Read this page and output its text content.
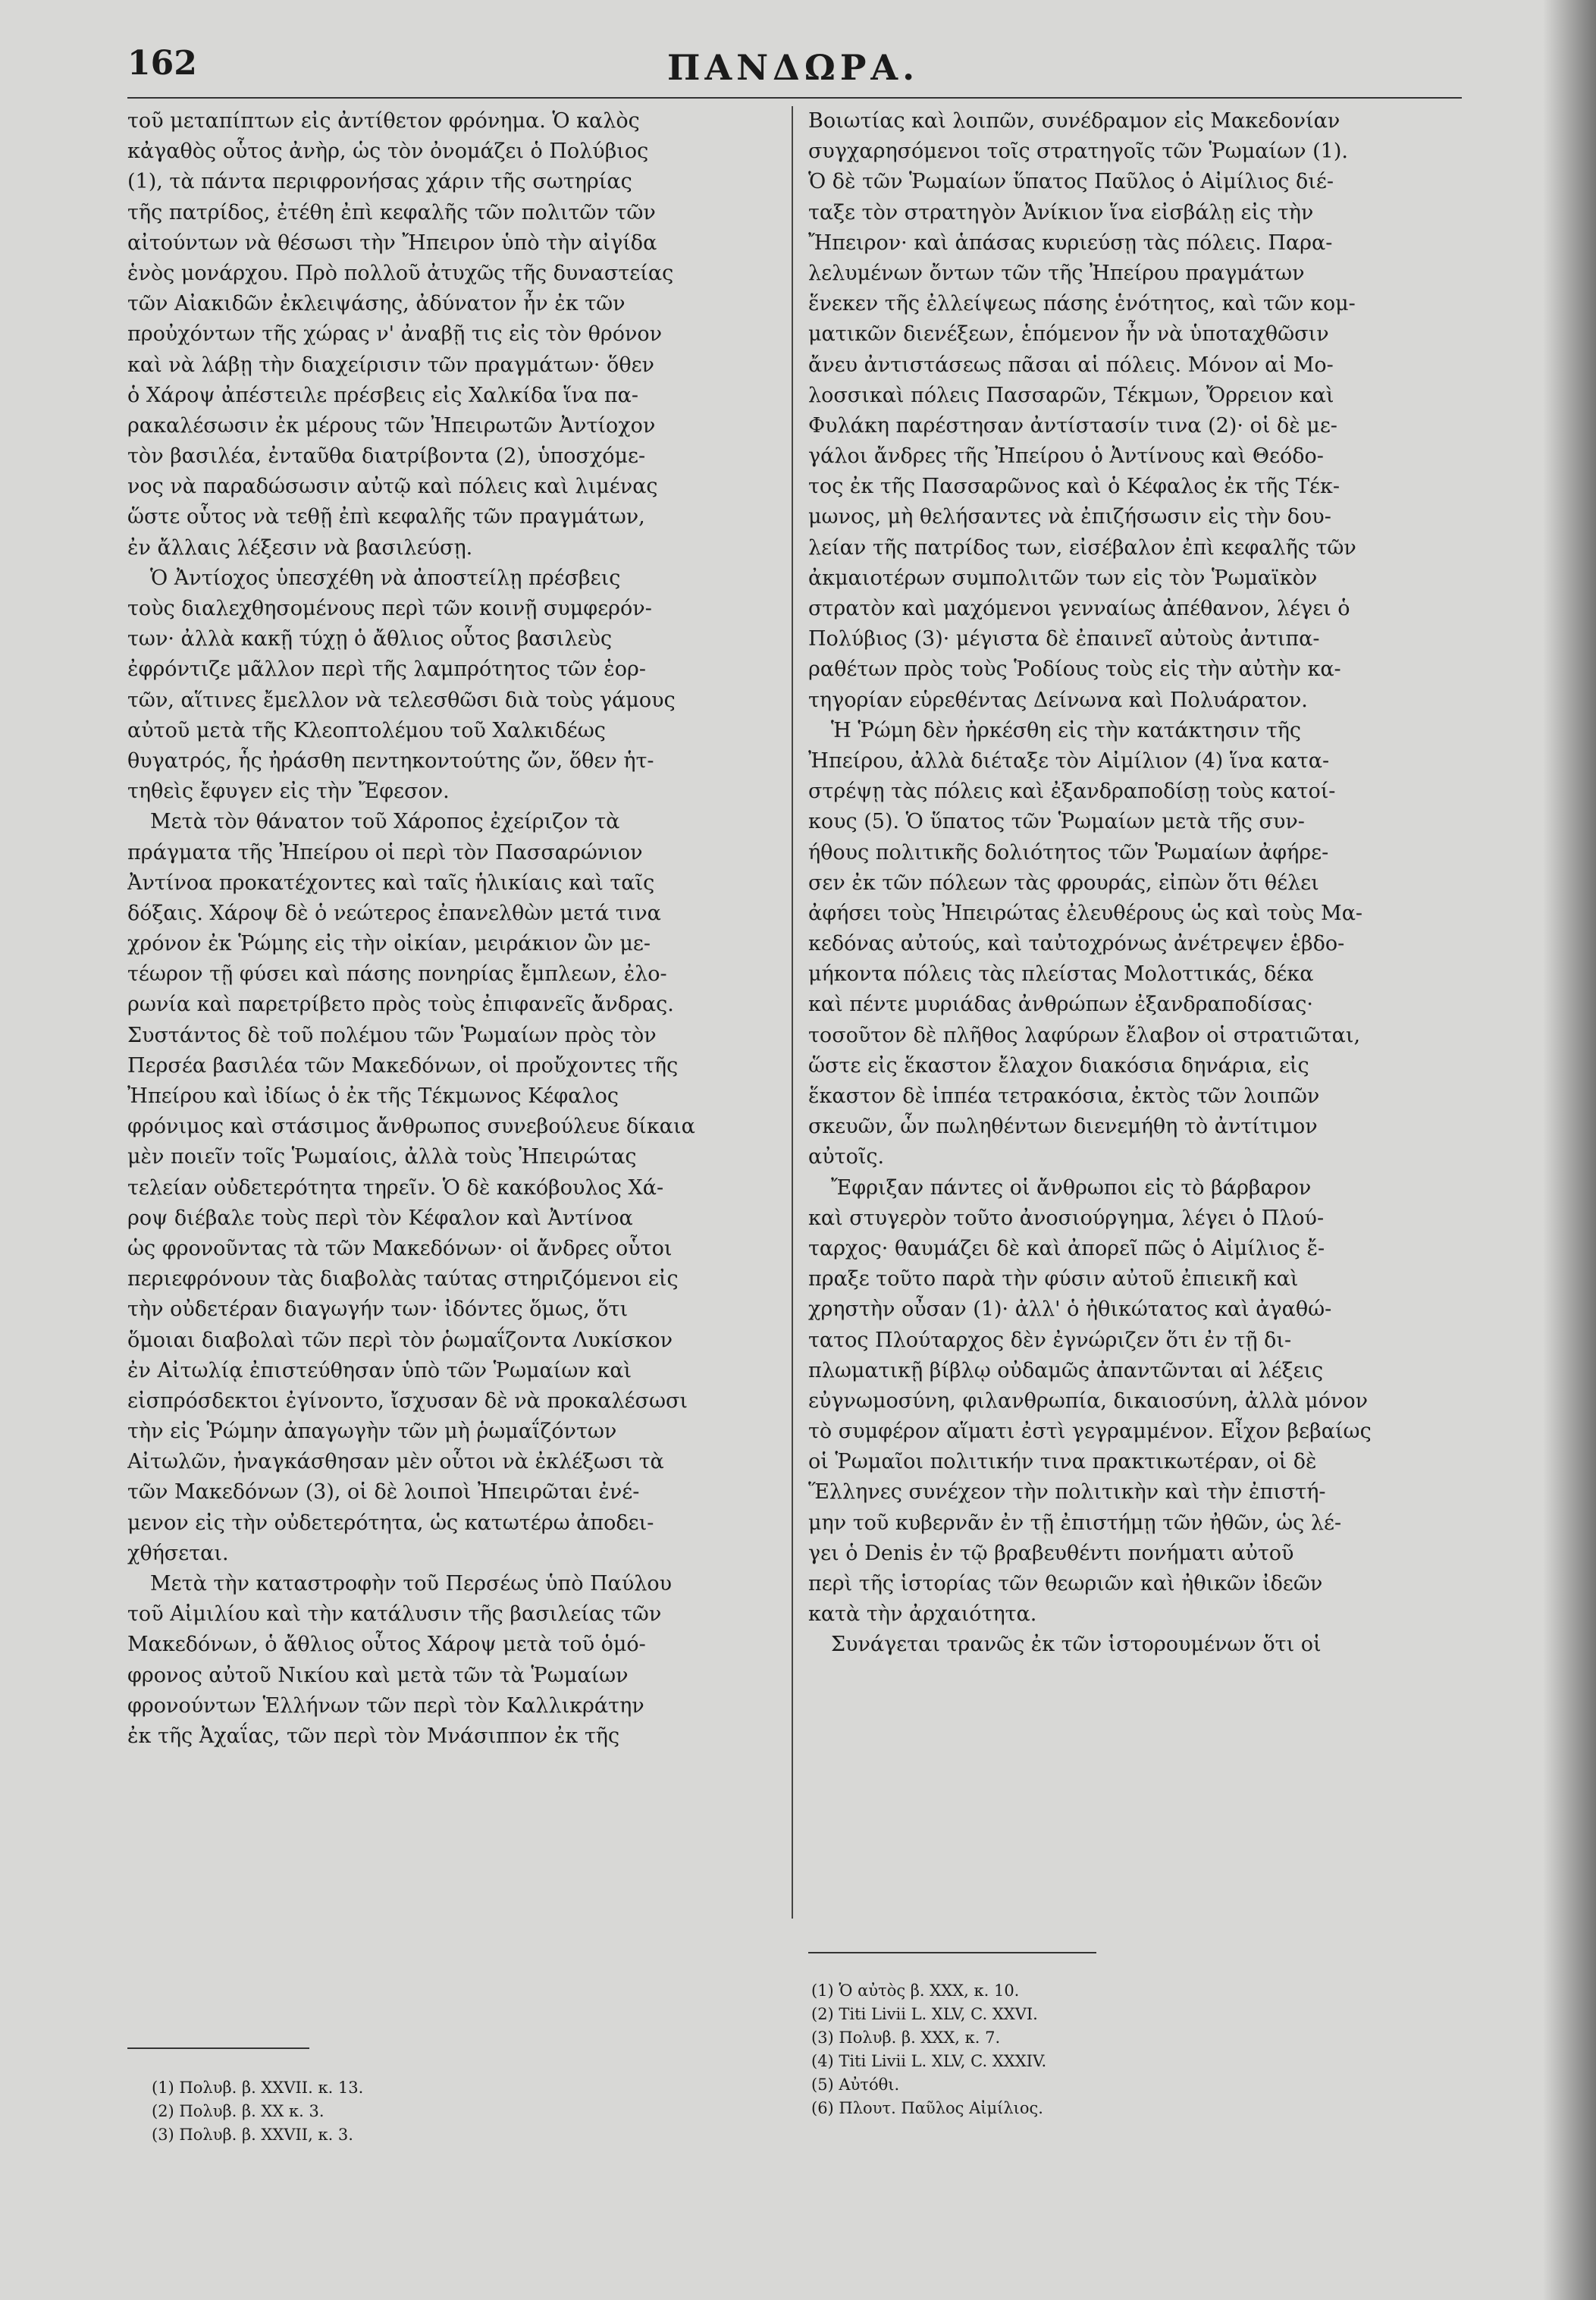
162	ΠΑΝΔΩΡΑ.
τοῦ μεταπίπτων εἰς ἀντίθετον φρόνημα. Ὁ καλὸς
κἀγαθὸς οὗτος ἀνὴρ, ὡς τὸν ὀνομάζει ὁ Πολύβιος
(1), τὰ πάντα περιφρονήσας χάριν τῆς σωτηρίας
τῆς πατρίδος, ἐτέθη ἐπὶ κεφαλῆς τῶν πολιτῶν τῶν
αἰτούντων νὰ θέσωσι τὴν Ἤπειρον ὑπὸ τὴν αἰγίδα
ἑνὸς μονάρχου. Πρὸ πολλοῦ ἀτυχῶς τῆς δυναστείας
τῶν Αἰακιδῶν ἐκλειψάσης, ἀδύνατον ἦν ἐκ τῶν
προὐχόντων τῆς χώρας ν' ἀναβῇ τις εἰς τὸν θρόνον
καὶ νὰ λάβῃ τὴν διαχείρισιν τῶν πραγμάτων· ὅθεν
ὁ Χάροψ ἀπέστειλε πρέσβεις εἰς Χαλκίδα ἵνα πα-
ρακαλέσωσιν ἐκ μέρους τῶν Ἠπειρωτῶν Ἀντίοχον
τὸν βασιλέα, ἐνταῦθα διατρίβοντα (2), ὑποσχόμε-
νος νὰ παραδώσωσιν αὐτῷ καὶ πόλεις καὶ λιμένας
ὥστε οὗτος νὰ τεθῇ ἐπὶ κεφαλῆς τῶν πραγμάτων,
ἐν ἄλλαις λέξεσιν νὰ βασιλεύσῃ.
Ὁ Ἀντίοχος ὑπεσχέθη νὰ ἀποστείλῃ πρέσβεις
τοὺς διαλεχθησομένους περὶ τῶν κοινῇ συμφερόν-
των· ἀλλὰ κακῇ τύχῃ ὁ ἄθλιος οὗτος βασιλεὺς
ἐφρόντιζε μᾶλλον περὶ τῆς λαμπρότητος τῶν ἑορ-
τῶν, αἵτινες ἔμελλον νὰ τελεσθῶσι διὰ τοὺς γάμους
αὐτοῦ μετὰ τῆς Κλεοπτολέμου τοῦ Χαλκιδέως
θυγατρός, ἧς ἠράσθη πεντηκοντούτης ὤν, ὅθεν ἡτ-
τηθεὶς ἔφυγεν εἰς τὴν Ἔφεσον.
Μετὰ τὸν θάνατον τοῦ Χάροπος ἐχείριζον τὰ
πράγματα τῆς Ἠπείρου οἱ περὶ τὸν Πασσαρώνιον
Ἀντίνοα προκατέχοντες καὶ ταῖς ἡλικίαις καὶ ταῖς
δόξαις. Χάροψ δὲ ὁ νεώτερος ἐπανελθὼν μετά τινα
χρόνον ἐκ Ῥώμης εἰς τὴν οἰκίαν, μειράκιον ὢν με-
τέωρον τῇ φύσει καὶ πάσης πονηρίας ἔμπλεων, ἐλο-
ρωνία καὶ παρετρίβετο πρὸς τοὺς ἐπιφανεῖς ἄνδρας.
Συστάντος δὲ τοῦ πολέμου τῶν Ῥωμαίων πρὸς τὸν
Περσέα βασιλέα τῶν Μακεδόνων, οἱ προὔχοντες τῆς
Ἠπείρου καὶ ἰδίως ὁ ἐκ τῆς Τέκμωνος Κέφαλος
φρόνιμος καὶ στάσιμος ἄνθρωπος συνεβούλευε δίκαια
μὲν ποιεῖν τοῖς Ῥωμαίοις, ἀλλὰ τοὺς Ἠπειρώτας
τελείαν οὐδετερότητα τηρεῖν. Ὁ δὲ κακόβουλος Χά-
ροψ διέβαλε τοὺς περὶ τὸν Κέφαλον καὶ Ἀντίνοα
ὡς φρονοῦντας τὰ τῶν Μακεδόνων· οἱ ἄνδρες οὗτοι
περιεφρόνουν τὰς διαβολὰς ταύτας στηριζόμενοι εἰς
τὴν οὐδετέραν διαγωγήν των· ἰδόντες ὅμως, ὅτι
ὅμοιαι διαβολαὶ τῶν περὶ τὸν ῥωμαΐζοντα Λυκίσκον
ἐν Αἰτωλίᾳ ἐπιστεύθησαν ὑπὸ τῶν Ῥωμαίων καὶ
εἰσπρόσδεκτοι ἐγίνοντο, ἴσχυσαν δὲ νὰ προκαλέσωσι
τὴν εἰς Ῥώμην ἀπαγωγὴν τῶν μὴ ῥωμαΐζόντων
Αἰτωλῶν, ἠναγκάσθησαν μὲν οὗτοι νὰ ἐκλέξωσι τὰ
τῶν Μακεδόνων (3), οἱ δὲ λοιποὶ Ἠπειρῶται ἐνέ-
μενον εἰς τὴν οὐδετερότητα, ὡς κατωτέρω ἀποδει-
χθήσεται.
Μετὰ τὴν καταστροφὴν τοῦ Περσέως ὑπὸ Παύλου
τοῦ Αἰμιλίου καὶ τὴν κατάλυσιν τῆς βασιλείας τῶν
Μακεδόνων, ὁ ἄθλιος οὗτος Χάροψ μετὰ τοῦ ὁμό-
φρονος αὐτοῦ Νικίου καὶ μετὰ τῶν τὰ Ῥωμαίων
φρονούντων Ἑλλήνων τῶν περὶ τὸν Καλλικράτην
ἐκ τῆς Ἀχαΐας, τῶν περὶ τὸν Μνάσιππον ἐκ τῆς
Βοιωτίας καὶ λοιπῶν, συνέδραμον εἰς Μακεδονίαν
συγχαρησόμενοι τοῖς στρατηγοῖς τῶν Ῥωμαίων (1).
Ὁ δὲ τῶν Ῥωμαίων ὕπατος Παῦλος ὁ Αἰμίλιος διέ-
ταξε τὸν στρατηγὸν Ἀνίκιον ἵνα εἰσβάλῃ εἰς τὴν
Ἤπειρον· καὶ ἁπάσας κυριεύσῃ τὰς πόλεις. Παρα-
λελυμένων ὄντων τῶν τῆς Ἠπείρου πραγμάτων
ἕνεκεν τῆς ἐλλείψεως πάσης ἑνότητος, καὶ τῶν κομ-
ματικῶν διενέξεων, ἑπόμενον ἦν νὰ ὑποταχθῶσιν
ἄνευ ἀντιστάσεως πᾶσαι αἱ πόλεις. Μόνον αἱ Μο-
λοσσικαὶ πόλεις Πασσαρῶν, Τέκμων, Ὄρρειον καὶ
Φυλάκη παρέστησαν ἀντίστασίν τινα (2)· οἱ δὲ με-
γάλοι ἄνδρες τῆς Ἠπείρου ὁ Ἀντίνους καὶ Θεόδο-
τος ἐκ τῆς Πασσαρῶνος καὶ ὁ Κέφαλος ἐκ τῆς Τέκ-
μωνος, μὴ θελήσαντες νὰ ἐπιζήσωσιν εἰς τὴν δου-
λείαν τῆς πατρίδος των, εἰσέβαλον ἐπὶ κεφαλῆς τῶν
ἀκμαιοτέρων συμπολιτῶν των εἰς τὸν Ῥωμαϊκὸν
στρατὸν καὶ μαχόμενοι γενναίως ἀπέθανον, λέγει ὁ
Πολύβιος (3)· μέγιστα δὲ ἐπαινεῖ αὐτοὺς ἀντιπα-
ραθέτων πρὸς τοὺς Ῥοδίους τοὺς εἰς τὴν αὐτὴν κα-
τηγορίαν εὑρεθέντας Δείνωνα καὶ Πολυάρατον.
Ἡ Ῥώμη δὲν ἠρκέσθη εἰς τὴν κατάκτησιν τῆς
Ἠπείρου, ἀλλὰ διέταξε τὸν Αἰμίλιον (4) ἵνα κατα-
στρέψῃ τὰς πόλεις καὶ ἐξανδραποδίσῃ τοὺς κατοί-
κους (5). Ὁ ὕπατος τῶν Ῥωμαίων μετὰ τῆς συν-
ήθους πολιτικῆς δολιότητος τῶν Ῥωμαίων ἀφήρε-
σεν ἐκ τῶν πόλεων τὰς φρουράς, εἰπὼν ὅτι θέλει
ἀφήσει τοὺς Ἠπειρώτας ἐλευθέρους ὡς καὶ τοὺς Μα-
κεδόνας αὐτούς, καὶ ταὐτοχρόνως ἀνέτρεψεν ἑβδο-
μήκοντα πόλεις τὰς πλείστας Μολοττικάς, δέκα
καὶ πέντε μυριάδας ἀνθρώπων ἐξανδραποδίσας·
τοσοῦτον δὲ πλῆθος λαφύρων ἔλαβον οἱ στρατιῶται,
ὥστε εἰς ἕκαστον ἔλαχον διακόσια δηνάρια, εἰς
ἕκαστον δὲ ἱππέα τετρακόσια, ἐκτὸς τῶν λοιπῶν
σκευῶν, ὧν πωληθέντων διενεμήθη τὸ ἀντίτιμον
αὐτοῖς.
Ἔφριξαν πάντες οἱ ἄνθρωποι εἰς τὸ βάρβαρον
καὶ στυγερὸν τοῦτο ἀνοσιούργημα, λέγει ὁ Πλού-
ταρχος· θαυμάζει δὲ καὶ ἀπορεῖ πῶς ὁ Αἰμίλιος ἔ-
πραξε τοῦτο παρὰ τὴν φύσιν αὐτοῦ ἐπιεικῆ καὶ
χρηστὴν οὖσαν (1)· ἀλλ' ὁ ἠθικώτατος καὶ ἀγαθώ-
τατος Πλούταρχος δὲν ἐγνώριζεν ὅτι ἐν τῇ δι-
πλωματικῇ βίβλῳ οὐδαμῶς ἀπαντῶνται αἱ λέξεις
εὐγνωμοσύνη, φιλανθρωπία, δικαιοσύνη, ἀλλὰ μόνον
τὸ συμφέρον αἵματι ἐστὶ γεγραμμένον. Εἶχον βεβαίως
οἱ Ῥωμαῖοι πολιτικήν τινα πρακτικωτέραν, οἱ δὲ
Ἕλληνες συνέχεον τὴν πολιτικὴν καὶ τὴν ἐπιστή-
μην τοῦ κυβερνᾶν ἐν τῇ ἐπιστήμῃ τῶν ἠθῶν, ὡς λέ-
γει ὁ Denis ἐν τῷ βραβευθέντι πονήματι αὐτοῦ
περὶ τῆς ἱστορίας τῶν θεωριῶν καὶ ἠθικῶν ἰδεῶν
κατὰ τὴν ἀρχαιότητα.
Συνάγεται τρανῶς ἐκ τῶν ἱστορουμένων ὅτι οἱ
(1) Πολυβ. β. XXVII. κ. 13.
(2) Πολυβ. β. XX κ. 3.
(3) Πολυβ. β. XXVII, κ. 3.
(1) Ὁ αὐτὸς β. XXX, κ. 10.
(2) Titi Livii L. XLV, C. XXVI.
(3) Πολυβ. β. XXX, κ. 7.
(4) Titi Livii L. XLV, C. XXXIV.
(5) Αὐτόθι.
(6) Πλουτ. Παῦλος Αἰμίλιος.
